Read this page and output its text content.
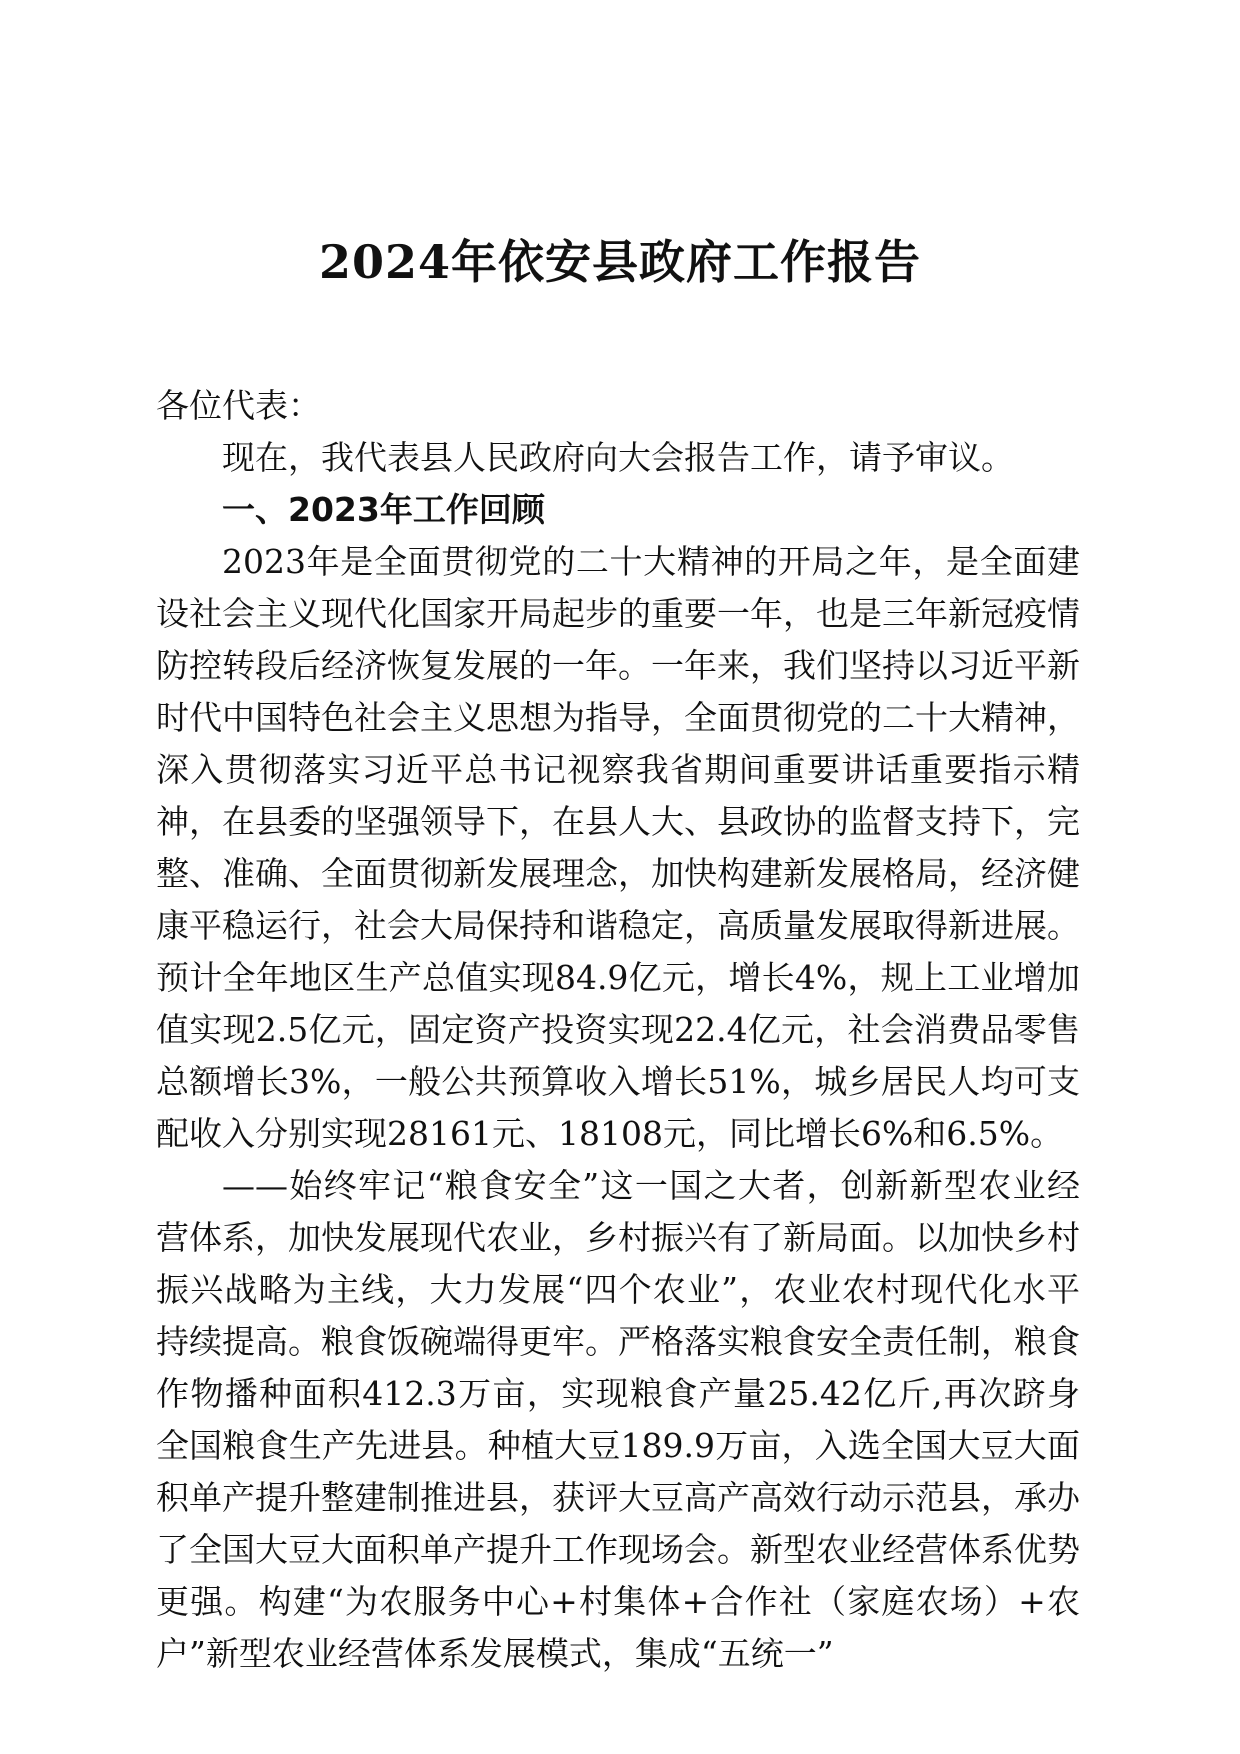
2024年依安县政府工作报告

各位代表：

现在，我代表县人民政府向大会报告工作，请予审议。

一、2023年工作回顾

2023年是全面贯彻党的二十大精神的开局之年，是全面建设社会主义现代化国家开局起步的重要一年，也是三年新冠疫情防控转段后经济恢复发展的一年。一年来，我们坚持以习近平新时代中国特色社会主义思想为指导，全面贯彻党的二十大精神，深入贯彻落实习近平总书记视察我省期间重要讲话重要指示精神，在县委的坚强领导下，在县人大、县政协的监督支持下，完整、准确、全面贯彻新发展理念，加快构建新发展格局，经济健康平稳运行，社会大局保持和谐稳定，高质量发展取得新进展。预计全年地区生产总值实现84.9亿元，增长4%，规上工业增加值实现2.5亿元，固定资产投资实现22.4亿元，社会消费品零售总额增长3%，一般公共预算收入增长51%，城乡居民人均可支配收入分别实现28161元、18108元，同比增长6%和6.5%。

——始终牢记“粮食安全”这一国之大者，创新新型农业经营体系，加快发展现代农业，乡村振兴有了新局面。以加快乡村振兴战略为主线，大力发展“四个农业”，农业农村现代化水平持续提高。粮食饭碗端得更牢。严格落实粮食安全责任制，粮食作物播种面积412.3万亩，实现粮食产量25.42亿斤,再次跻身全国粮食生产先进县。种植大豆189.9万亩，入选全国大豆大面积单产提升整建制推进县，获评大豆高产高效行动示范县，承办了全国大豆大面积单产提升工作现场会。新型农业经营体系优势更强。构建“为农服务中心+村集体+合作社（家庭农场）+农户”新型农业经营体系发展模式，集成“五统一”
